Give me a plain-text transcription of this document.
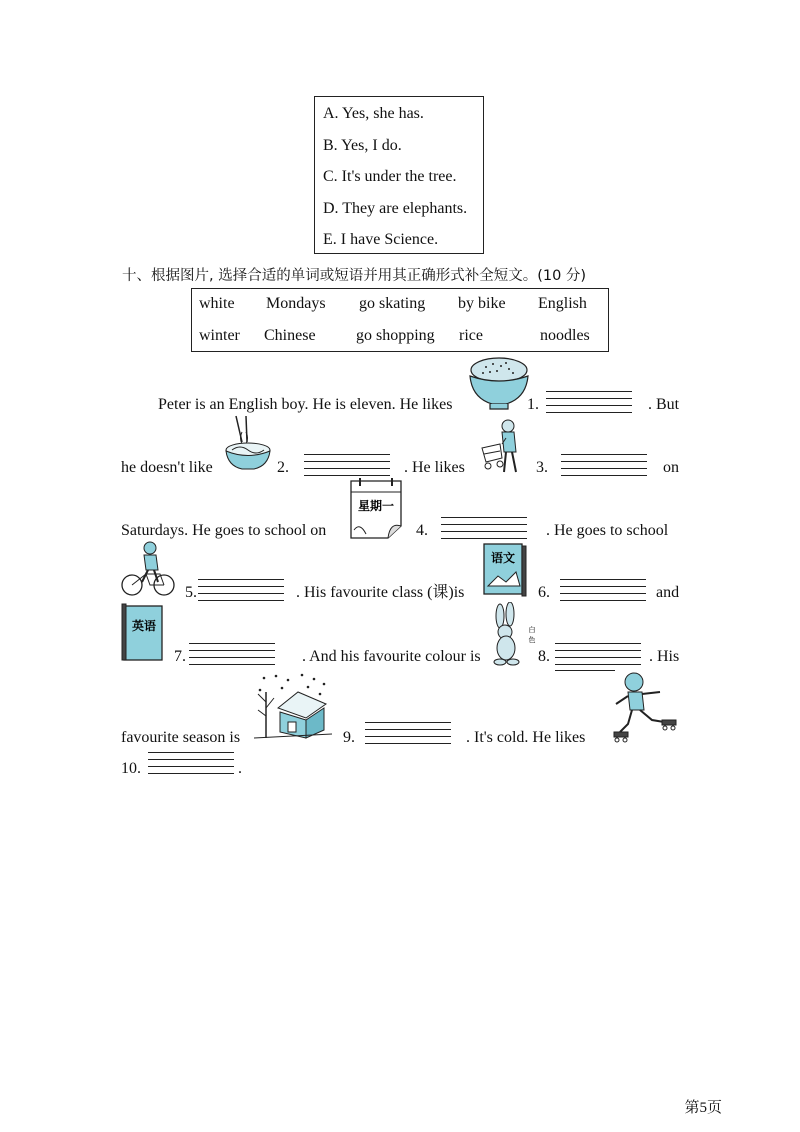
A. Yes, she has.
B. Yes, I do.
C. It's under the tree.
D. They are elephants.
E. I have Science.
十、根据图片, 选择合适的单词或短语并用其正确形式补全短文。(10 分)
white Mondays go skating by bike English
winter Chinese	go shopping rice	noodles
Peter is an English boy. He is eleven. He likes	1.	. But
he doesn't like	2.	. He likes	3.	on
Saturdays. He goes to school on
星期一
4.	. He goes to school
5.	. His favourite class (课)is
语文
6.	and
英语
7.	. And his favourite colour is
白
色
8.	. His
favourite season is	9.	. It's cold. He likes
10.	.
第5页
